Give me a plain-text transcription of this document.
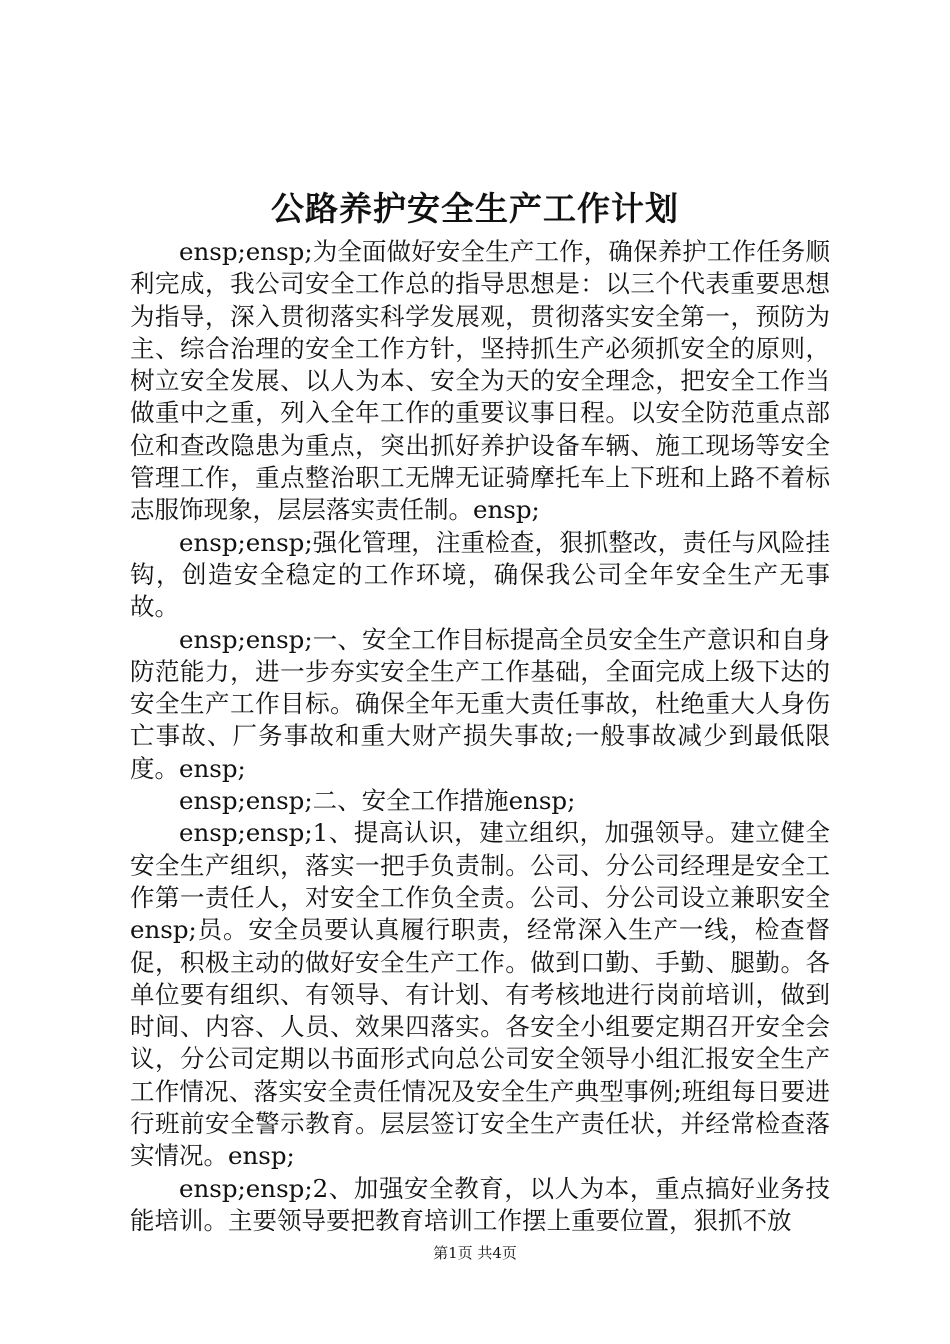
公路养护安全生产工作计划

ensp;ensp;为全面做好安全生产工作，确保养护工作任务顺利完成，我公司安全工作总的指导思想是：以三个代表重要思想为指导，深入贯彻落实科学发展观，贯彻落实安全第一，预防为主、综合治理的安全工作方针，坚持抓生产必须抓安全的原则，树立安全发展、以人为本、安全为天的安全理念，把安全工作当做重中之重，列入全年工作的重要议事日程。以安全防范重点部位和查改隐患为重点，突出抓好养护设备车辆、施工现场等安全管理工作，重点整治职工无牌无证骑摩托车上下班和上路不着标志服饰现象，层层落实责任制。ensp;

ensp;ensp;强化管理，注重检查，狠抓整改，责任与风险挂钩，创造安全稳定的工作环境，确保我公司全年安全生产无事故。

ensp;ensp;一、安全工作目标提高全员安全生产意识和自身防范能力，进一步夯实安全生产工作基础，全面完成上级下达的安全生产工作目标。确保全年无重大责任事故，杜绝重大人身伤亡事故、厂务事故和重大财产损失事故;一般事故减少到最低限度。ensp;

ensp;ensp;二、安全工作措施ensp;

ensp;ensp;1、提高认识，建立组织，加强领导。建立健全安全生产组织，落实一把手负责制。公司、分公司经理是安全工作第一责任人，对安全工作负全责。公司、分公司设立兼职安全ensp;员。安全员要认真履行职责，经常深入生产一线，检查督促，积极主动的做好安全生产工作。做到口勤、手勤、腿勤。各单位要有组织、有领导、有计划、有考核地进行岗前培训，做到时间、内容、人员、效果四落实。各安全小组要定期召开安全会议，分公司定期以书面形式向总公司安全领导小组汇报安全生产工作情况、落实安全责任情况及安全生产典型事例;班组每日要进行班前安全警示教育。层层签订安全生产责任状，并经常检查落实情况。ensp;

ensp;ensp;2、加强安全教育，以人为本，重点搞好业务技能培训。主要领导要把教育培训工作摆上重要位置，狠抓不放

第1页 共4页
